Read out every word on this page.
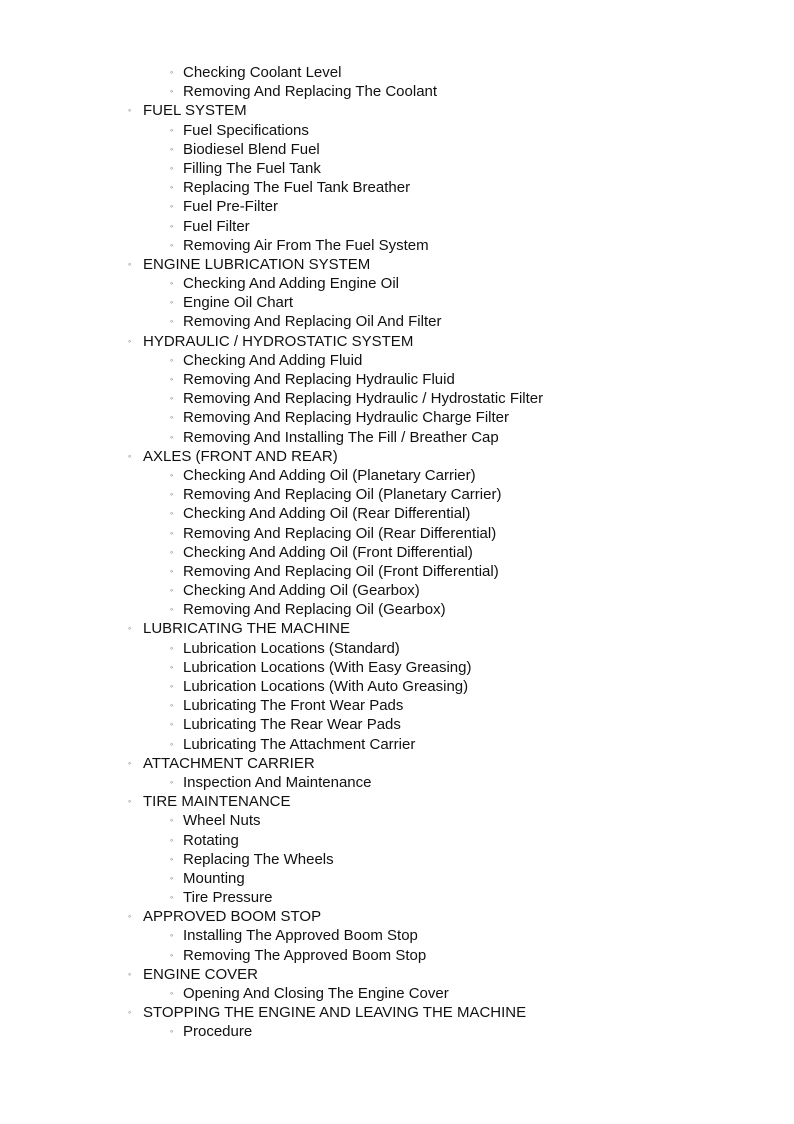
◦ Checking Coolant Level
◦ Removing And Replacing The Coolant
◦ FUEL SYSTEM
◦ Fuel Specifications
◦ Biodiesel Blend Fuel
◦ Filling The Fuel Tank
◦ Replacing The Fuel Tank Breather
◦ Fuel Pre-Filter
◦ Fuel Filter
◦ Removing Air From The Fuel System
◦ ENGINE LUBRICATION SYSTEM
◦ Checking And Adding Engine Oil
◦ Engine Oil Chart
◦ Removing And Replacing Oil And Filter
◦ HYDRAULIC / HYDROSTATIC SYSTEM
◦ Checking And Adding Fluid
◦ Removing And Replacing Hydraulic Fluid
◦ Removing And Replacing Hydraulic / Hydrostatic Filter
◦ Removing And Replacing Hydraulic Charge Filter
◦ Removing And Installing The Fill / Breather Cap
◦ AXLES (FRONT AND REAR)
◦ Checking And Adding Oil (Planetary Carrier)
◦ Removing And Replacing Oil (Planetary Carrier)
◦ Checking And Adding Oil (Rear Differential)
◦ Removing And Replacing Oil (Rear Differential)
◦ Checking And Adding Oil (Front Differential)
◦ Removing And Replacing Oil (Front Differential)
◦ Checking And Adding Oil (Gearbox)
◦ Removing And Replacing Oil (Gearbox)
◦ LUBRICATING THE MACHINE
◦ Lubrication Locations (Standard)
◦ Lubrication Locations (With Easy Greasing)
◦ Lubrication Locations (With Auto Greasing)
◦ Lubricating The Front Wear Pads
◦ Lubricating The Rear Wear Pads
◦ Lubricating The Attachment Carrier
◦ ATTACHMENT CARRIER
◦ Inspection And Maintenance
◦ TIRE MAINTENANCE
◦ Wheel Nuts
◦ Rotating
◦ Replacing The Wheels
◦ Mounting
◦ Tire Pressure
◦ APPROVED BOOM STOP
◦ Installing The Approved Boom Stop
◦ Removing The Approved Boom Stop
◦ ENGINE COVER
◦ Opening And Closing The Engine Cover
◦ STOPPING THE ENGINE AND LEAVING THE MACHINE
◦ Procedure
